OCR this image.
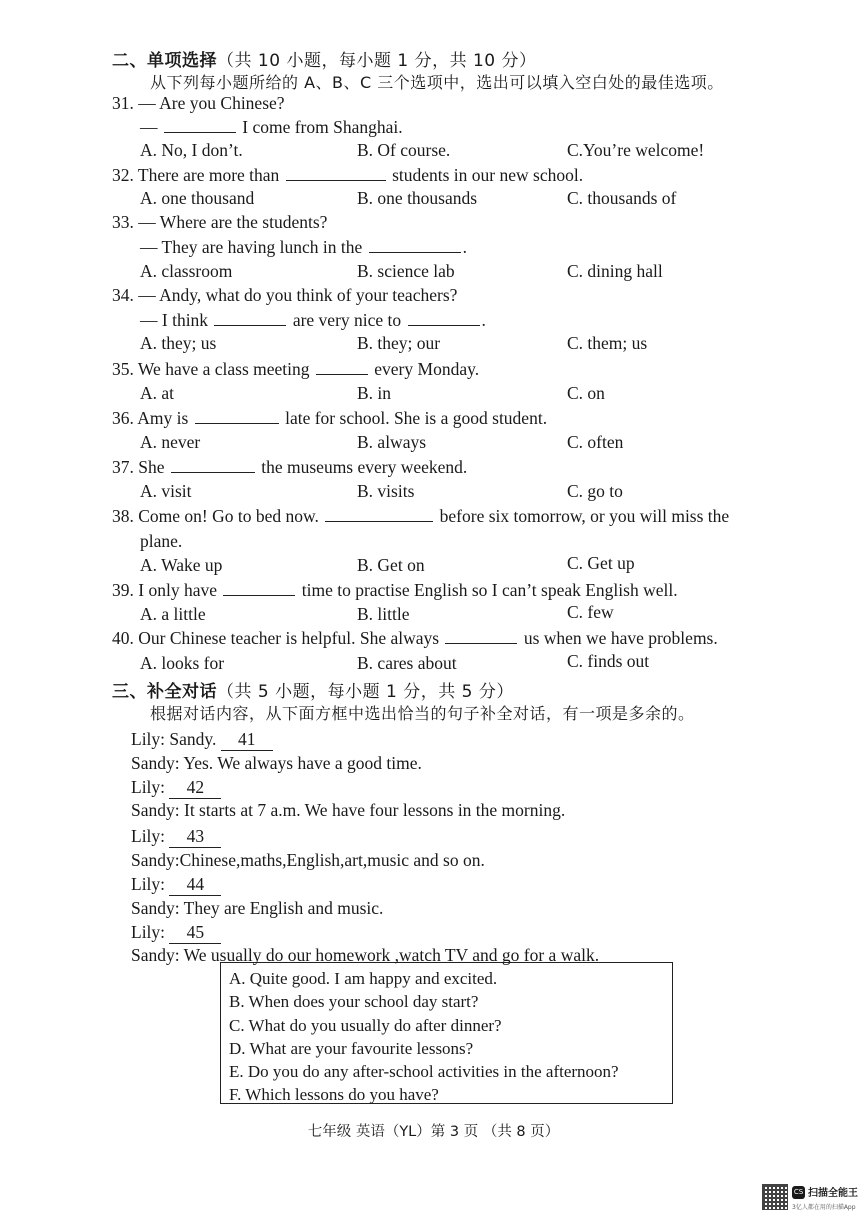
二、单项选择（共 10 小题，每小题 1 分，共 10 分）
从下列每小题所给的 A、B、C 三个选项中，选出可以填入空白处的最佳选项。
31. — Are you Chinese?
—	I come from Shanghai.
A. No, I don’t.	B. Of course.	C.You’re welcome!
32. There are more than	students in our new school.
A. one thousand	B. one thousands	C. thousands of
33. — Where are the students?
— They are having lunch in the	.
A. classroom	B. science lab	C. dining hall
34. — Andy, what do you think of your teachers?
— I think	are very nice to	.
A. they; us	B. they; our	C. them; us
35. We have a class meeting	every Monday.
A. at	B. in	C. on
36. Amy is	late for school. She is a good student.
A. never	B. always	C. often
37. She	the museums every weekend.
A. visit	B. visits	C. go to
38. Come on! Go to bed now.	before six tomorrow, or you will miss the
plane.
A. Wake up	B. Get on	C. Get up
39. I only have	time to practise English so I can’t speak English well.
A. a little	B. little	C. few
40. Our Chinese teacher is helpful. She always	us when we have problems.
A. looks for	B. cares about	C. finds out
三、补全对话（共 5 小题，每小题 1 分，共 5 分）
根据对话内容，从下面方框中选出恰当的句子补全对话，有一项是多余的。
Lily: Sandy. 41
Sandy: Yes. We always have a good time.
Lily: 42
Sandy: It starts at 7 a.m. We have four lessons in the morning.
Lily: 43
Sandy:Chinese,maths,English,art,music and so on.
Lily: 44
Sandy: They are English and music.
Lily: 45
Sandy: We usually do our homework ,watch TV and go for a walk.
A. Quite good. I am happy and excited.
B. When does your school day start?
C. What do you usually do after dinner?
D. What are your favourite lessons?
E. Do you do any after-school activities in the afternoon?
F. Which lessons do you have?
七年级 英语（YL）第 3 页 （共 8 页）
CS 扫描全能王
3亿人都在用的扫描App
